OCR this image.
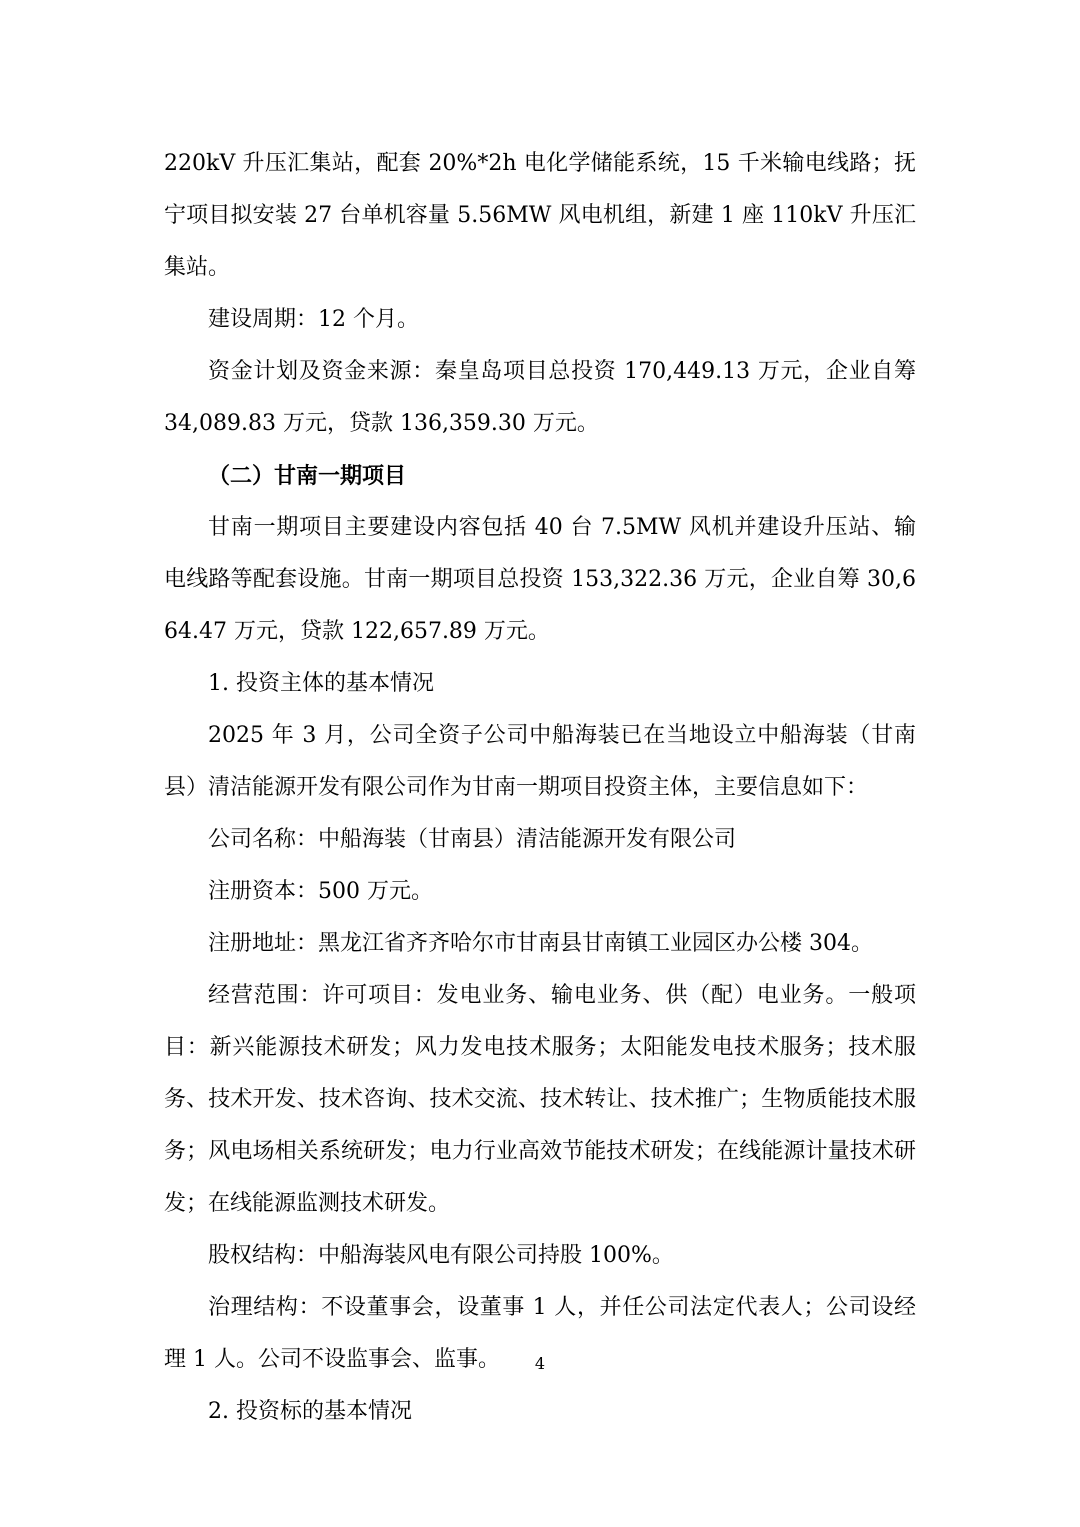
220kV 升压汇集站，配套 20%*2h 电化学储能系统，15 千米输电线路；抚宁项目拟安装 27 台单机容量 5.56MW 风电机组，新建 1 座 110kV 升压汇集站。

建设周期：12 个月。

资金计划及资金来源：秦皇岛项目总投资 170,449.13 万元，企业自筹 34,089.83 万元，贷款 136,359.30 万元。

（二）甘南一期项目

甘南一期项目主要建设内容包括 40 台 7.5MW 风机并建设升压站、输电线路等配套设施。甘南一期项目总投资 153,322.36 万元，企业自筹 30,664.47 万元，贷款 122,657.89 万元。

1. 投资主体的基本情况

2025 年 3 月，公司全资子公司中船海装已在当地设立中船海装（甘南县）清洁能源开发有限公司作为甘南一期项目投资主体，主要信息如下：

公司名称：中船海装（甘南县）清洁能源开发有限公司

注册资本：500 万元。

注册地址：黑龙江省齐齐哈尔市甘南县甘南镇工业园区办公楼 304。

经营范围：许可项目：发电业务、输电业务、供（配）电业务。一般项目：新兴能源技术研发；风力发电技术服务；太阳能发电技术服务；技术服务、技术开发、技术咨询、技术交流、技术转让、技术推广；生物质能技术服务；风电场相关系统研发；电力行业高效节能技术研发；在线能源计量技术研发；在线能源监测技术研发。

股权结构：中船海装风电有限公司持股 100%。

治理结构：不设董事会，设董事 1 人，并任公司法定代表人；公司设经理 1 人。公司不设监事会、监事。

2. 投资标的基本情况

4
